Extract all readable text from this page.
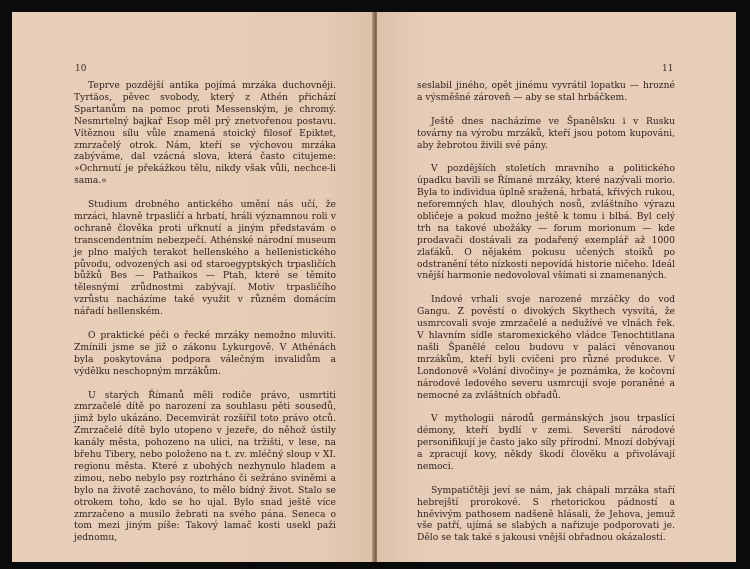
10

Teprve pozdější antika pojímá mrzáka duchovněji. Tyrtäos, pěvec svobody, který z Athén přichází Spartanům na pomoc proti Messenským, je chromý. Nesmrtelný bajkař Esop měl prý znetvořenou postavu. Vítěznou sílu vůle znamená stoický filosof Epiktet, zmrzačelý otrok. Nám, kteří se výchovou mrzáka zabýváme, dal vzácná slova, která často citujeme: »Ochrnutí je překážkou tělu, nikdy však vůli, nechce-li sama.«

Studium drobného antického umění nás učí, že mrzáci, hlavně trpasličí a hrbatí, hráli významnou roli v ochraně člověka proti uřknutí a jiným představám o transcendentním nebezpečí. Athénské národní museum je plno malých terakot hellenského a hellenistického původu, odvozených asi od staroegyptských trpasličích bůžků Bes — Pathaikos — Ptah, které se těmito tělesnými zrůdnostmi zabývají. Motiv trpasličího vzrůstu nacházíme také využit v různém domácím nářadí hellenském.

O praktické péči o řecké mrzáky nemožno mluviti. Zmínili jsme se již o zákonu Lykurgově. V Athénách byla poskytována podpora válečným invalidům a výdělku neschopným mrzákům.

U starých Římanů měli rodiče právo, usmrtiti zmrzačelé dítě po narození za souhlasu pěti sousedů, jimž bylo ukázáno. Decemvirát rozšířil toto právo otců. Zmrzačelé dítě bylo utopeno v jezeře, do něhož ústily kanály města, pohozeno na ulici, na tržišti, v lese, na břehu Tibery, nebo položeno na t. zv. mléčný sloup v XI. regionu města. Které z ubohých nezhynulo hladem a zimou, nebo nebylo psy roztrháno či sežráno sviněmi a bylo na životě zachováno, to mělo bídný život. Stalo se otrokem toho, kdo se ho ujal. Bylo snad ještě více zmrzačeno a musilo žebrati na svého pána. Seneca o tom mezi jiným píše: Takový lamač kosti usekl paži jednomu,

11

seslabil jiného, opět jinému vyvrátil lopatku — hrozné a výsměšné zároveň — aby se stal hrbáčkem.

Ještě dnes nacházíme ve Španělsku i v Rusku továrny na výrobu mrzáků, kteří jsou potom kupováni, aby žebrotou živili své pány.

V pozdějších stoletích mravního a politického úpadku bavili se Římané mrzáky, které nazývali morio. Byla to individua úplně sražená, hrbatá, křivých rukou, neforemných hlav, dlouhých nosů, zvláštního výrazu obličeje a pokud možno ještě k tomu i blbá. Byl celý trh na takové ubožáky — forum morionum — kde prodavači dostávali za podařený exemplář až 1000 zlaťáků. O nějakém pokusu učených stoiků po odstranění této nízkosti nepovídá historie ničeho. Ideál vnější harmonie nedovoloval všímati si znamenaných.

Indové vrhali svoje narozené mrzáčky do vod Gangu. Z pověstí o divokých Skythech vysvítá, že usmrcovali svoje zmrzačelé a nedužívé ve vlnách řek. V hlavním sídle staromexického vládce Tenochtitlana našli Španělé celou budovu v paláci věnovanou mrzákům, kteří byli cvičeni pro různé produkce. V Londonově »Volání divočiny« je poznámka, že kočovní národové ledového severu usmrcují svoje poraněné a nemocné za zvláštních obřadů.

V mythologii národů germánských jsou trpaslíci démony, kteří bydlí v zemi. Severští národové personifikují je často jako síly přírodní. Mnozí dobývají a zpracují kovy, někdy škodí člověku a přivolávají nemoci.

Sympatičtěji jeví se nám, jak chápali mrzáka staří hebrejští prorokové. S rhetorickou pádností a hněvivým pathosem nadšeně hlásali, že Jehova, jemuž vše patří, ujímá se slabých a nařizuje podporovati je. Dělo se tak také s jakousi vnější obřadnou okázalostí.
